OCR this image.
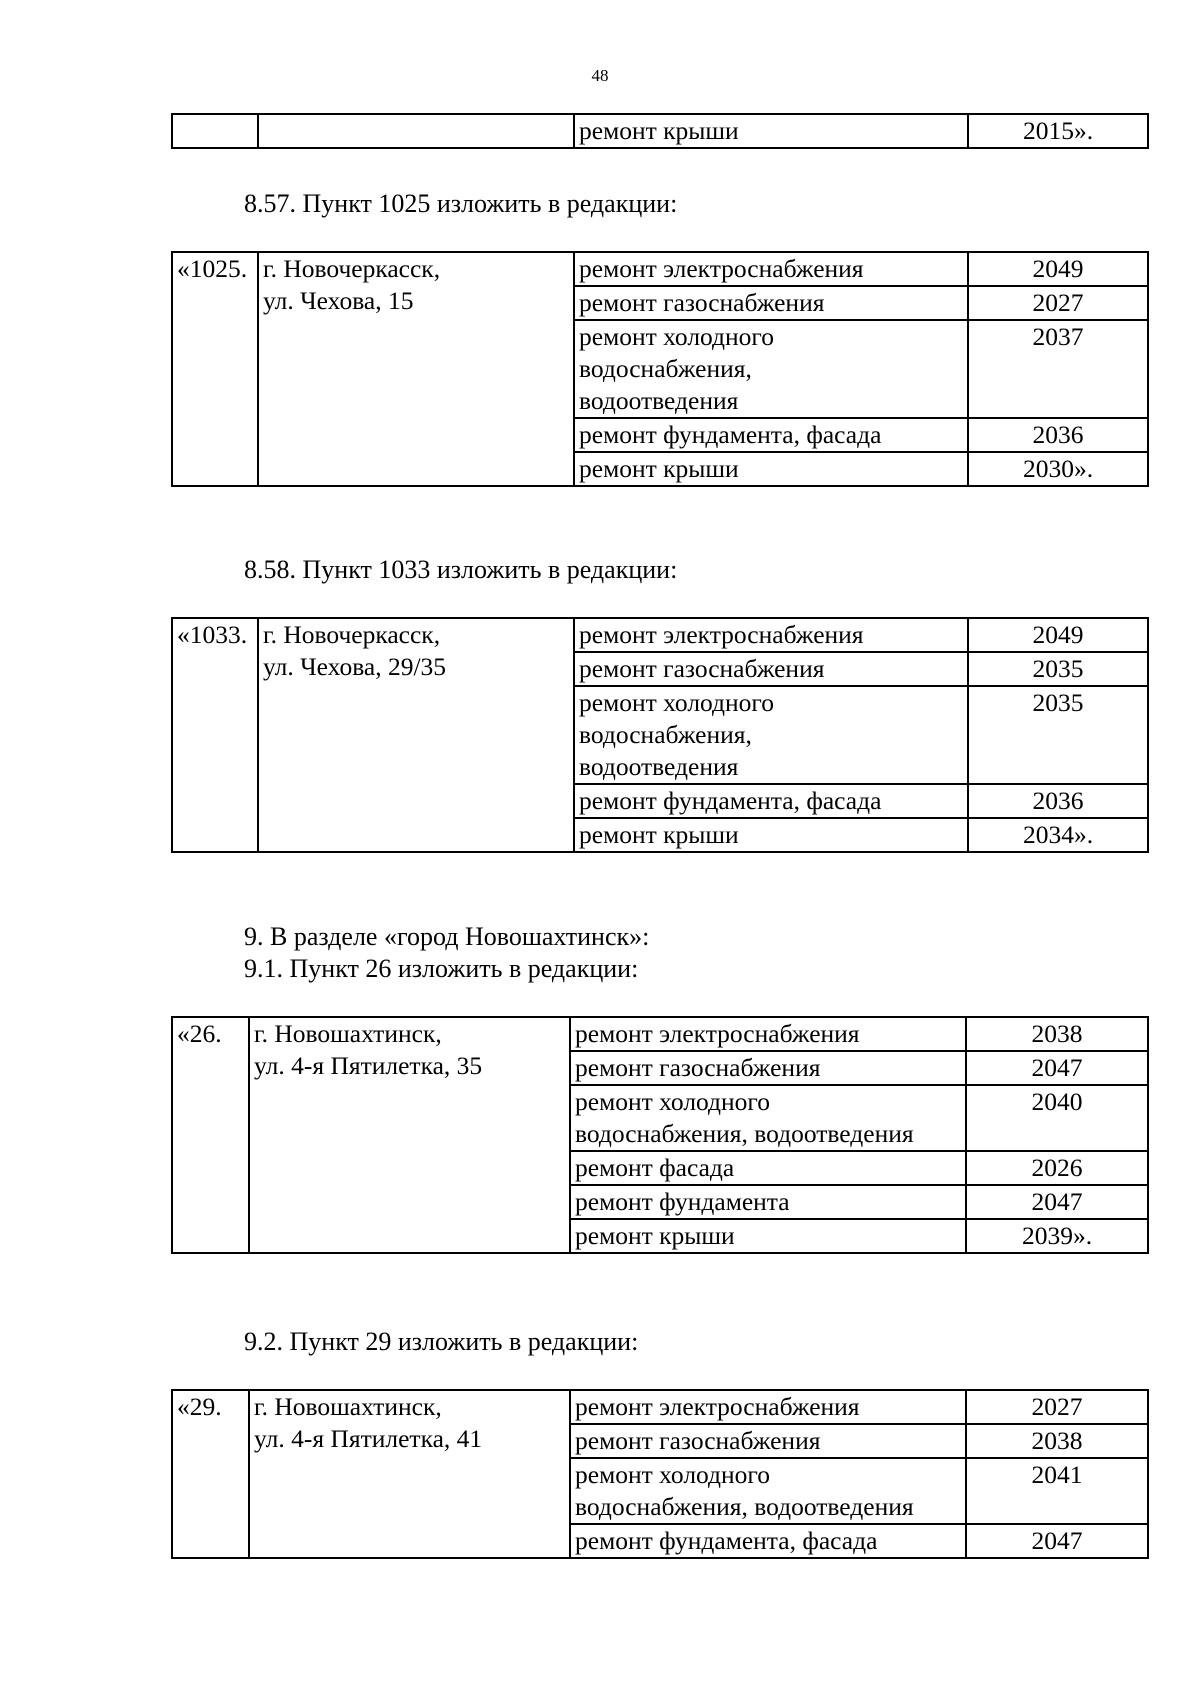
48
		ремонт крыши	2015».
8.57. Пункт 1025 изложить в редакции:
«1025.	г. Новочеркасск,
ул. Чехова, 15	ремонт электроснабжения	2049
		ремонт газоснабжения	2027
		ремонт холодного
водоснабжения,
водоотведения	2037
		ремонт фундамента, фасада	2036
		ремонт крыши	2030».
8.58. Пункт 1033 изложить в редакции:
«1033.	г. Новочеркасск,
ул. Чехова, 29/35	ремонт электроснабжения	2049
		ремонт газоснабжения	2035
		ремонт холодного
водоснабжения,
водоотведения	2035
		ремонт фундамента, фасада	2036
		ремонт крыши	2034».
9. В разделе «город Новошахтинск»:
9.1. Пункт 26 изложить в редакции:
«26.	г. Новошахтинск,
ул. 4-я Пятилетка, 35	ремонт электроснабжения	2038
		ремонт газоснабжения	2047
		ремонт холодного
водоснабжения, водоотведения	2040
		ремонт фасада	2026
		ремонт фундамента	2047
		ремонт крыши	2039».
9.2. Пункт 29 изложить в редакции:
«29.	г. Новошахтинск,
ул. 4-я Пятилетка, 41	ремонт электроснабжения	2027
		ремонт газоснабжения	2038
		ремонт холодного
водоснабжения, водоотведения	2041
		ремонт фундамента, фасада	2047
